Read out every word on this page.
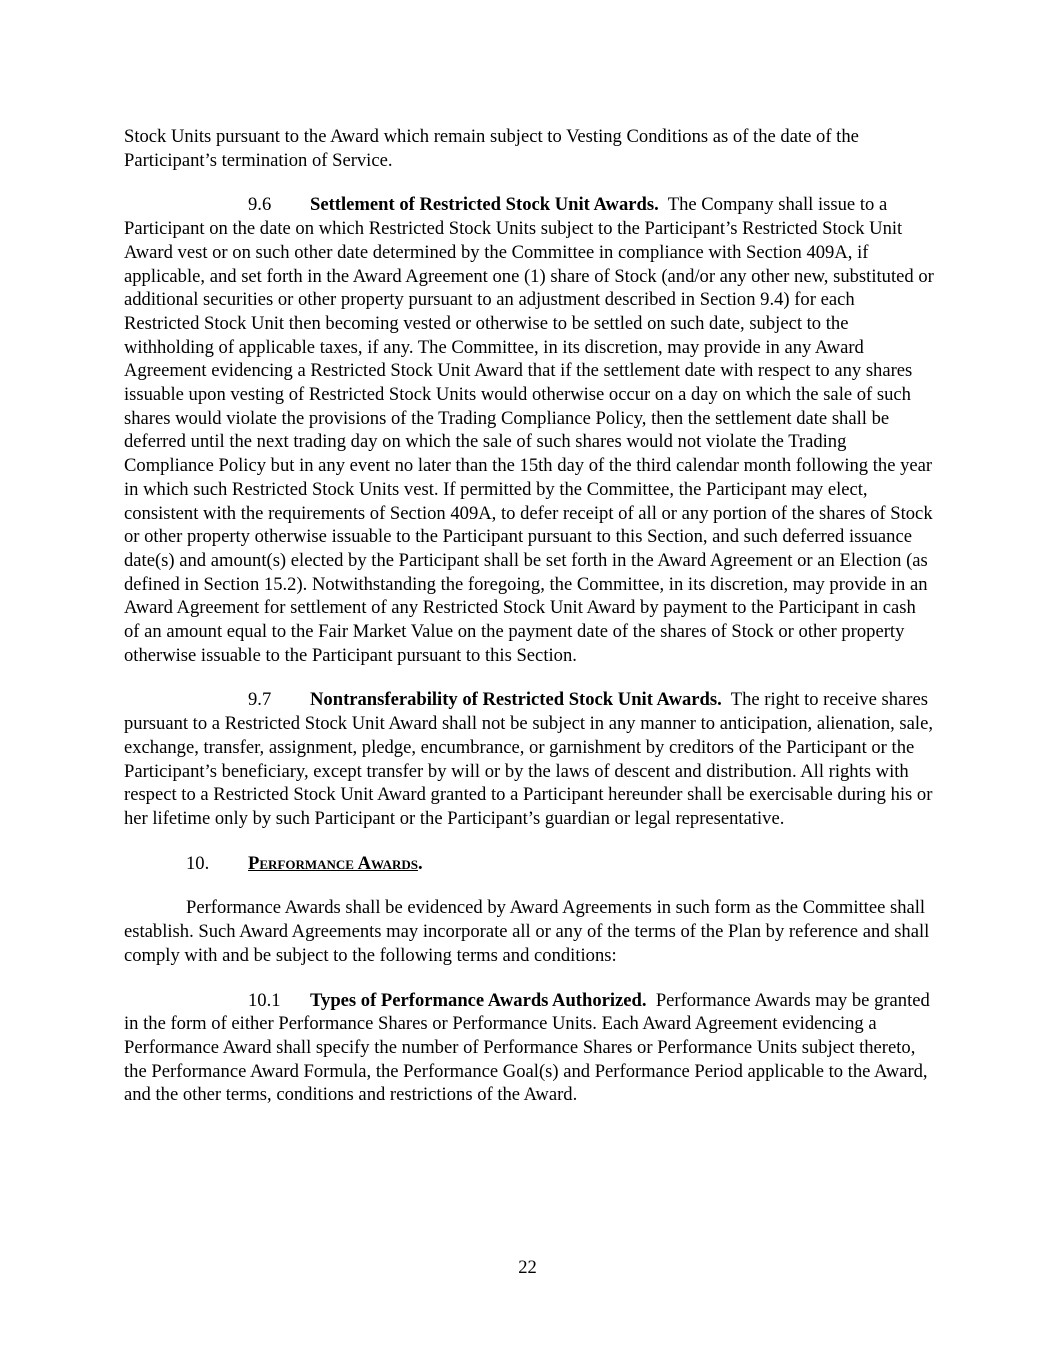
Stock Units pursuant to the Award which remain subject to Vesting Conditions as of the date of the Participant’s termination of Service.

9.6 Settlement of Restricted Stock Unit Awards. The Company shall issue to a Participant on the date on which Restricted Stock Units subject to the Participant’s Restricted Stock Unit Award vest or on such other date determined by the Committee in compliance with Section 409A, if applicable, and set forth in the Award Agreement one (1) share of Stock (and/or any other new, substituted or additional securities or other property pursuant to an adjustment described in Section 9.4) for each Restricted Stock Unit then becoming vested or otherwise to be settled on such date, subject to the withholding of applicable taxes, if any. The Committee, in its discretion, may provide in any Award Agreement evidencing a Restricted Stock Unit Award that if the settlement date with respect to any shares issuable upon vesting of Restricted Stock Units would otherwise occur on a day on which the sale of such shares would violate the provisions of the Trading Compliance Policy, then the settlement date shall be deferred until the next trading day on which the sale of such shares would not violate the Trading Compliance Policy but in any event no later than the 15th day of the third calendar month following the year in which such Restricted Stock Units vest. If permitted by the Committee, the Participant may elect, consistent with the requirements of Section 409A, to defer receipt of all or any portion of the shares of Stock or other property otherwise issuable to the Participant pursuant to this Section, and such deferred issuance date(s) and amount(s) elected by the Participant shall be set forth in the Award Agreement or an Election (as defined in Section 15.2). Notwithstanding the foregoing, the Committee, in its discretion, may provide in an Award Agreement for settlement of any Restricted Stock Unit Award by payment to the Participant in cash of an amount equal to the Fair Market Value on the payment date of the shares of Stock or other property otherwise issuable to the Participant pursuant to this Section.

9.7 Nontransferability of Restricted Stock Unit Awards. The right to receive shares pursuant to a Restricted Stock Unit Award shall not be subject in any manner to anticipation, alienation, sale, exchange, transfer, assignment, pledge, encumbrance, or garnishment by creditors of the Participant or the Participant’s beneficiary, except transfer by will or by the laws of descent and distribution. All rights with respect to a Restricted Stock Unit Award granted to a Participant hereunder shall be exercisable during his or her lifetime only by such Participant or the Participant’s guardian or legal representative.

10. Performance Awards.

Performance Awards shall be evidenced by Award Agreements in such form as the Committee shall establish. Such Award Agreements may incorporate all or any of the terms of the Plan by reference and shall comply with and be subject to the following terms and conditions:

10.1 Types of Performance Awards Authorized. Performance Awards may be granted in the form of either Performance Shares or Performance Units. Each Award Agreement evidencing a Performance Award shall specify the number of Performance Shares or Performance Units subject thereto, the Performance Award Formula, the Performance Goal(s) and Performance Period applicable to the Award, and the other terms, conditions and restrictions of the Award.

22
